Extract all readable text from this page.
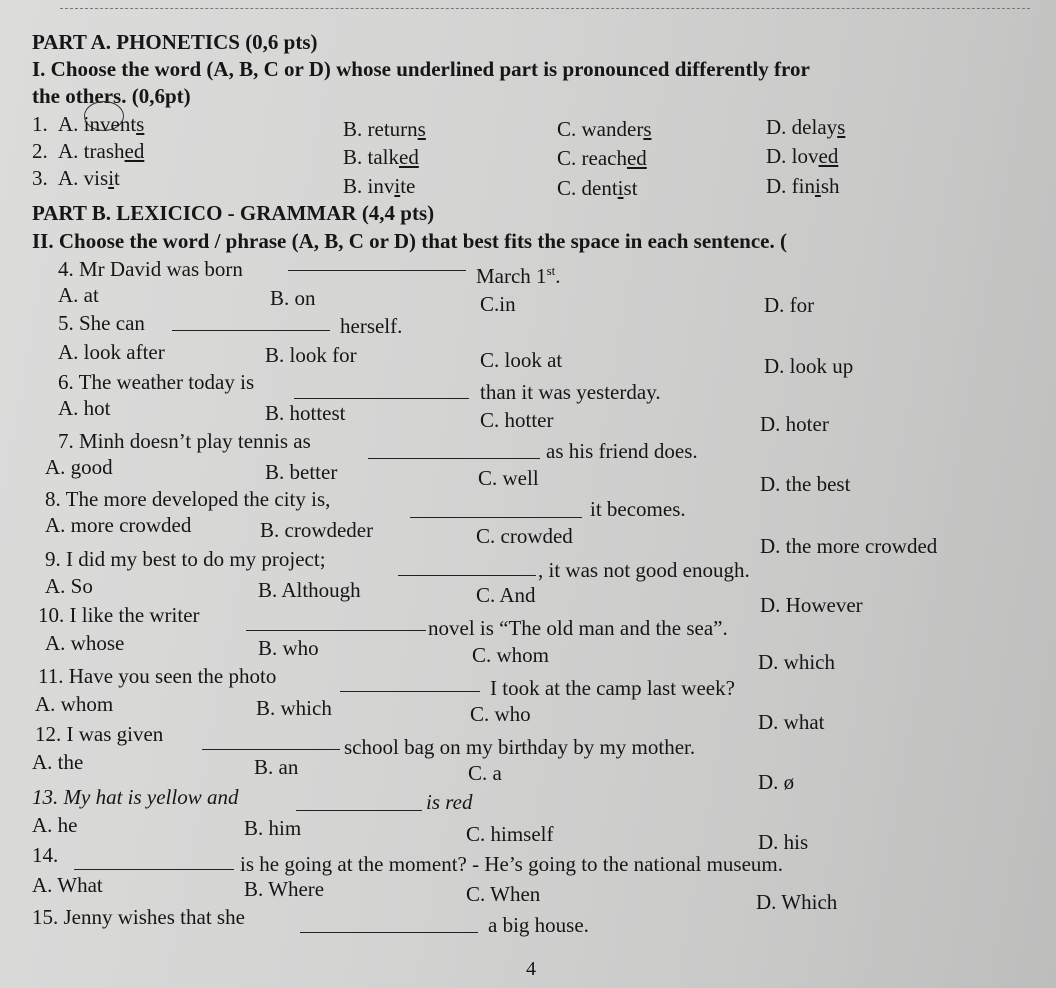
PART A. PHONETICS (0,6 pts)
I. Choose the word (A, B, C or D) whose underlined part is pronounced differently fror
the others. (0,6pt)
1. A. invents	B. returns	C. wanders	D. delays
2. A. trashed	B. talked	C. reached	D. loved
3. A. visit	B. invite	C. dentist	D. finish
PART B. LEXICICO - GRAMMAR (4,4 pts)
II. Choose the word / phrase (A, B, C or D) that best fits the space in each sentence. (
4. Mr David was born	March 1st.
A. at	B. on	C.in	D. for
5. She can	herself.
A. look after	B. look for	C. look at	D. look up
6. The weather today is	than it was yesterday.
A. hot	B. hottest	C. hotter	D. hoter
7. Minh doesn’t play tennis as	as his friend does.
A. good	B. better	C. well	D. the best
8. The more developed the city is,	it becomes.
A. more crowded	B. crowdeder	C. crowded	D. the more crowded
9. I did my best to do my project;	, it was not good enough.
A. So	B. Although	C. And	D. However
10. I like the writer
novel is “The old man and the sea”.
A. whose	B. who	C. whom	D. which
11. Have you seen the photo	I took at the camp last week?
A. whom	B. which	C. who	D. what
12. I was given
school bag on my birthday by my mother.
A. the	B. an	C. a	D. ø
13. My hat is yellow and	is red
A. he	B. him	C. himself	D. his
14.	is he going at the moment? - He’s going to the national museum.
A. What	B. Where	C. When	D. Which
15. Jenny wishes that she	a big house.
4
